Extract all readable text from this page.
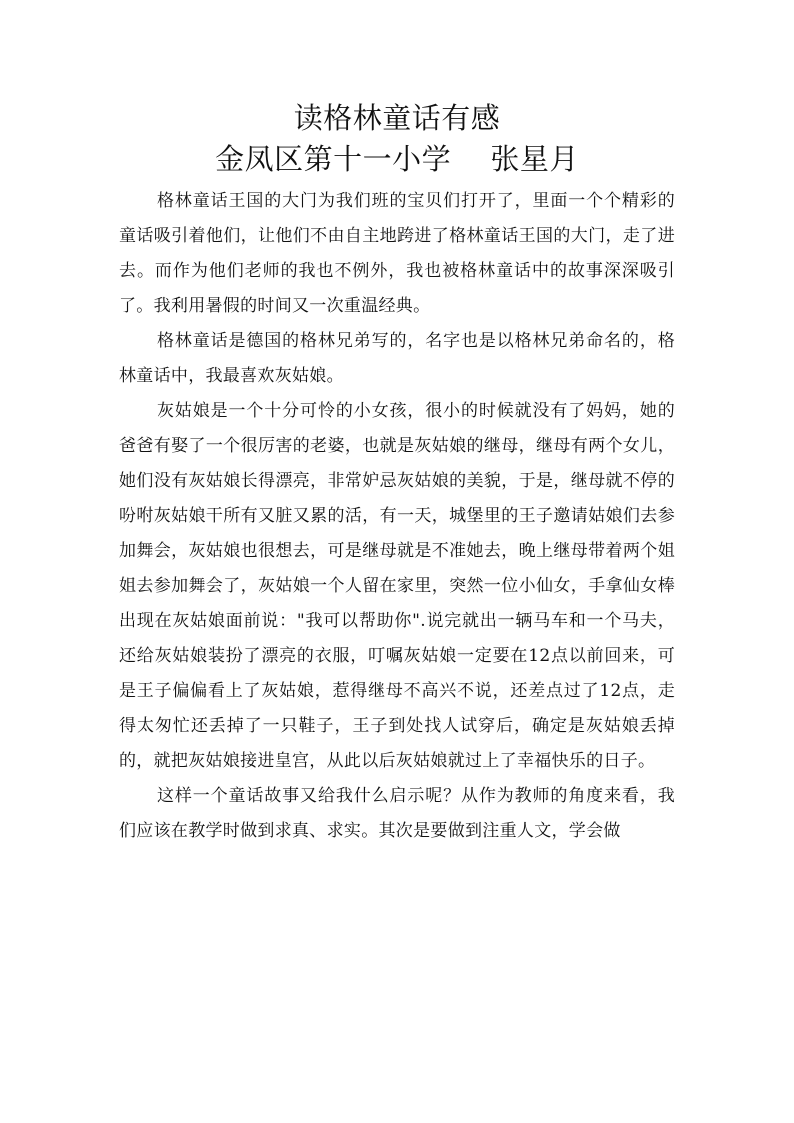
读格林童话有感
金凤区第十一小学　 张星月

格林童话王国的大门为我们班的宝贝们打开了，里面一个个精彩的童话吸引着他们，让他们不由自主地跨进了格林童话王国的大门，走了进去。而作为他们老师的我也不例外，我也被格林童话中的故事深深吸引了。我利用暑假的时间又一次重温经典。

格林童话是德国的格林兄弟写的，名字也是以格林兄弟命名的，格林童话中，我最喜欢灰姑娘。

灰姑娘是一个十分可怜的小女孩，很小的时候就没有了妈妈，她的爸爸有娶了一个很厉害的老婆，也就是灰姑娘的继母，继母有两个女儿，她们没有灰姑娘长得漂亮，非常妒忌灰姑娘的美貌，于是，继母就不停的吩咐灰姑娘干所有又脏又累的活，有一天，城堡里的王子邀请姑娘们去参加舞会，灰姑娘也很想去，可是继母就是不准她去，晚上继母带着两个姐姐去参加舞会了，灰姑娘一个人留在家里，突然一位小仙女，手拿仙女棒出现在灰姑娘面前说："我可以帮助你".说完就出一辆马车和一个马夫，还给灰姑娘装扮了漂亮的衣服，叮嘱灰姑娘一定要在12点以前回来，可是王子偏偏看上了灰姑娘，惹得继母不高兴不说，还差点过了12点，走得太匆忙还丢掉了一只鞋子，王子到处找人试穿后，确定是灰姑娘丢掉的，就把灰姑娘接进皇宫，从此以后灰姑娘就过上了幸福快乐的日子。

这样一个童话故事又给我什么启示呢？从作为教师的角度来看，我们应该在教学时做到求真、求实。其次是要做到注重人文，学会做
